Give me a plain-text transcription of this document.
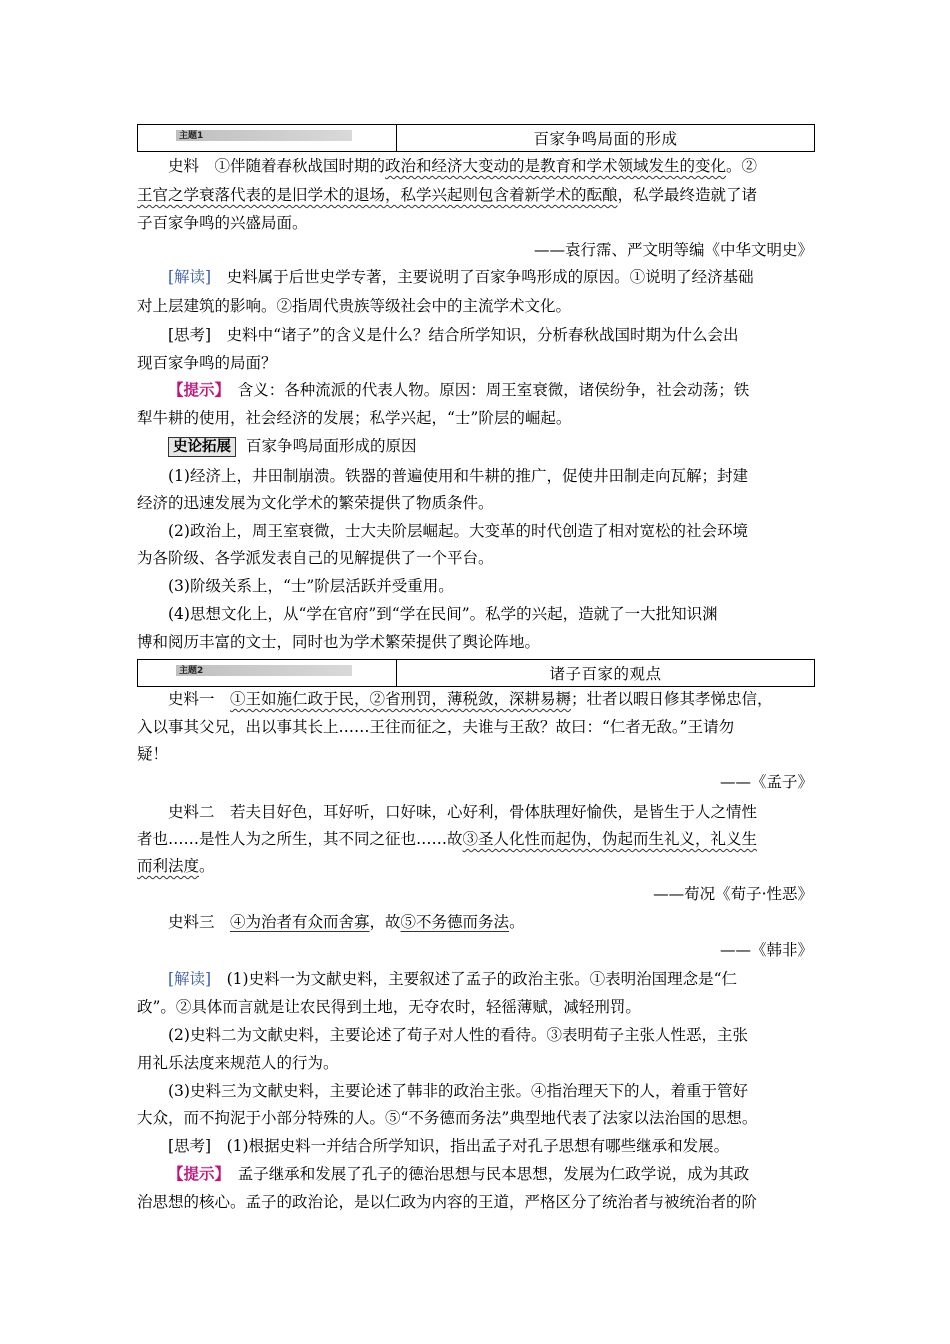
主题1	百家争鸣局面的形成
史料　①伴随着春秋战国时期的政治和经济大变动的是教育和学术领域发生的变化。②
王官之学衰落代表的是旧学术的退场，私学兴起则包含着新学术的酝酿，私学最终造就了诸
子百家争鸣的兴盛局面。
——袁行霈、严文明等编《中华文明史》
[解读]　史料属于后世史学专著，主要说明了百家争鸣形成的原因。①说明了经济基础
对上层建筑的影响。②指周代贵族等级社会中的主流学术文化。
[思考]　史料中“诸子”的含义是什么？结合所学知识，分析春秋战国时期为什么会出
现百家争鸣的局面？
【提示】　含义：各种流派的代表人物。原因：周王室衰微，诸侯纷争，社会动荡；铁
犁牛耕的使用，社会经济的发展；私学兴起，“士”阶层的崛起。
史论拓展 百家争鸣局面形成的原因
(1)经济上，井田制崩溃。铁器的普遍使用和牛耕的推广，促使井田制走向瓦解；封建
经济的迅速发展为文化学术的繁荣提供了物质条件。
(2)政治上，周王室衰微，士大夫阶层崛起。大变革的时代创造了相对宽松的社会环境
为各阶级、各学派发表自己的见解提供了一个平台。
(3)阶级关系上，“士”阶层活跃并受重用。
(4)思想文化上，从“学在官府”到“学在民间”。私学的兴起，造就了一大批知识渊
博和阅历丰富的文士，同时也为学术繁荣提供了舆论阵地。
主题2	诸子百家的观点
史料一　①王如施仁政于民，②省刑罚，薄税敛，深耕易耨；壮者以暇日修其孝悌忠信，
入以事其父兄，出以事其长上……王往而征之，夫谁与王敌？故曰：“仁者无敌。”王请勿
疑！
——《孟子》
史料二　若夫目好色，耳好听，口好味，心好利，骨体肤理好愉佚，是皆生于人之情性
者也……是性人为之所生，其不同之征也……故③圣人化性而起伪，伪起而生礼义，礼义生
而利法度。
——荀况《荀子·性恶》
史料三　④为治者有众而舍寡，故⑤不务德而务法。
——《韩非》
[解读]　(1)史料一为文献史料，主要叙述了孟子的政治主张。①表明治国理念是“仁
政”。②具体而言就是让农民得到土地，无夺农时，轻徭薄赋，减轻刑罚。
(2)史料二为文献史料，主要论述了荀子对人性的看待。③表明荀子主张人性恶，主张
用礼乐法度来规范人的行为。
(3)史料三为文献史料，主要论述了韩非的政治主张。④指治理天下的人，着重于管好
大众，而不拘泥于小部分特殊的人。⑤“不务德而务法”典型地代表了法家以法治国的思想。
[思考]　(1)根据史料一并结合所学知识，指出孟子对孔子思想有哪些继承和发展。
【提示】　孟子继承和发展了孔子的德治思想与民本思想，发展为仁政学说，成为其政
治思想的核心。孟子的政治论，是以仁政为内容的王道，严格区分了统治者与被统治者的阶
